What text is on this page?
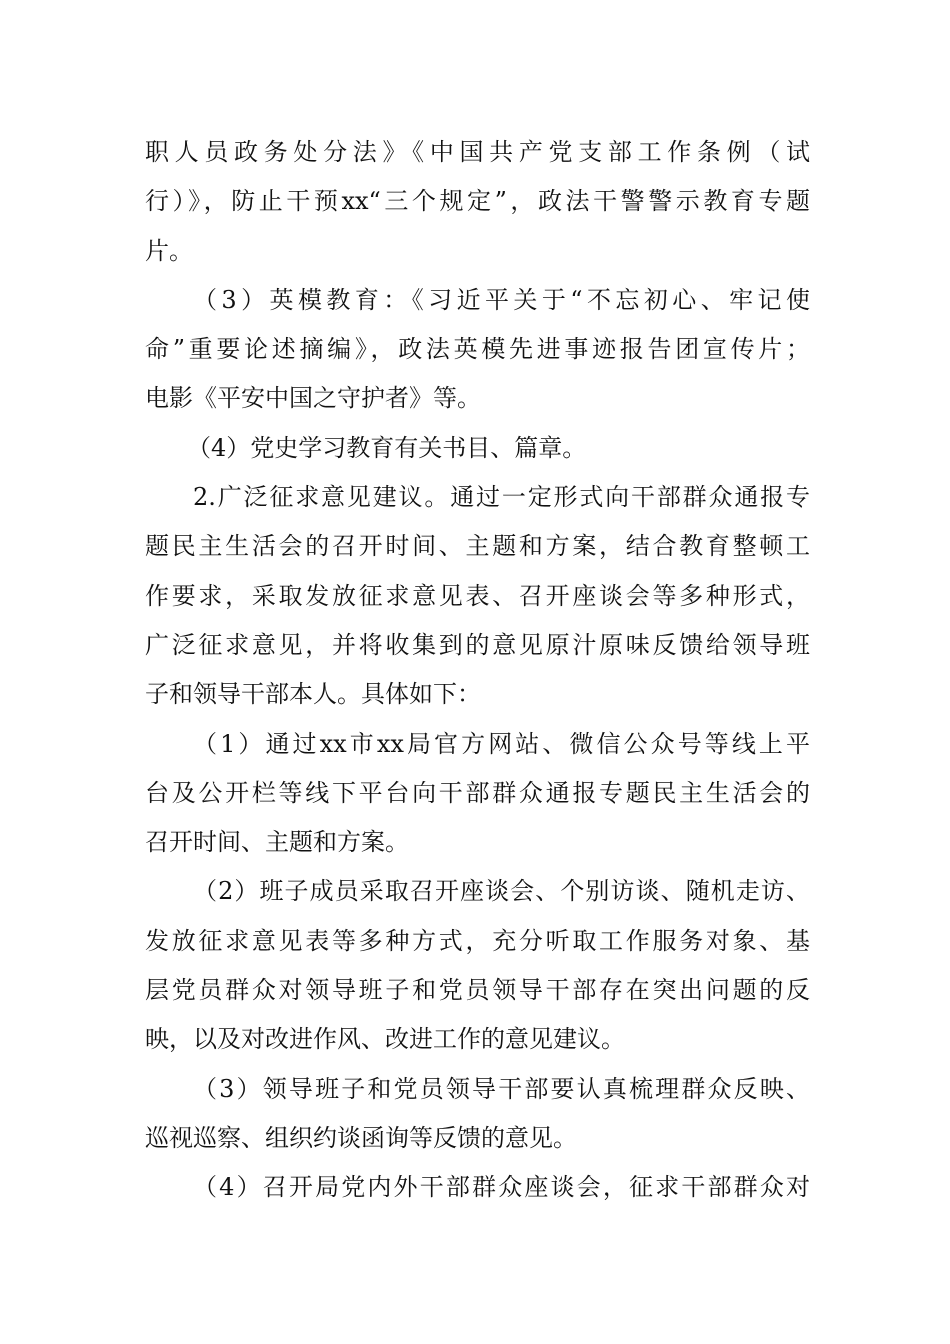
职人员政务处分法》《中国共产党支部工作条例（试
行）》，防止干预xx“三个规定”，政法干警警示教育专题
片。
（3）英模教育：《习近平关于“不忘初心、牢记使
命”重要论述摘编》，政法英模先进事迹报告团宣传片；
电影《平安中国之守护者》等。
（4）党史学习教育有关书目、篇章。
2.广泛征求意见建议。通过一定形式向干部群众通报专
题民主生活会的召开时间、主题和方案，结合教育整顿工
作要求，采取发放征求意见表、召开座谈会等多种形式，
广泛征求意见，并将收集到的意见原汁原味反馈给领导班
子和领导干部本人。具体如下：
（1）通过xx市xx局官方网站、微信公众号等线上平
台及公开栏等线下平台向干部群众通报专题民主生活会的
召开时间、主题和方案。
（2）班子成员采取召开座谈会、个别访谈、随机走访、
发放征求意见表等多种方式，充分听取工作服务对象、基
层党员群众对领导班子和党员领导干部存在突出问题的反
映，以及对改进作风、改进工作的意见建议。
（3）领导班子和党员领导干部要认真梳理群众反映、
巡视巡察、组织约谈函询等反馈的意见。
（4）召开局党内外干部群众座谈会，征求干部群众对
